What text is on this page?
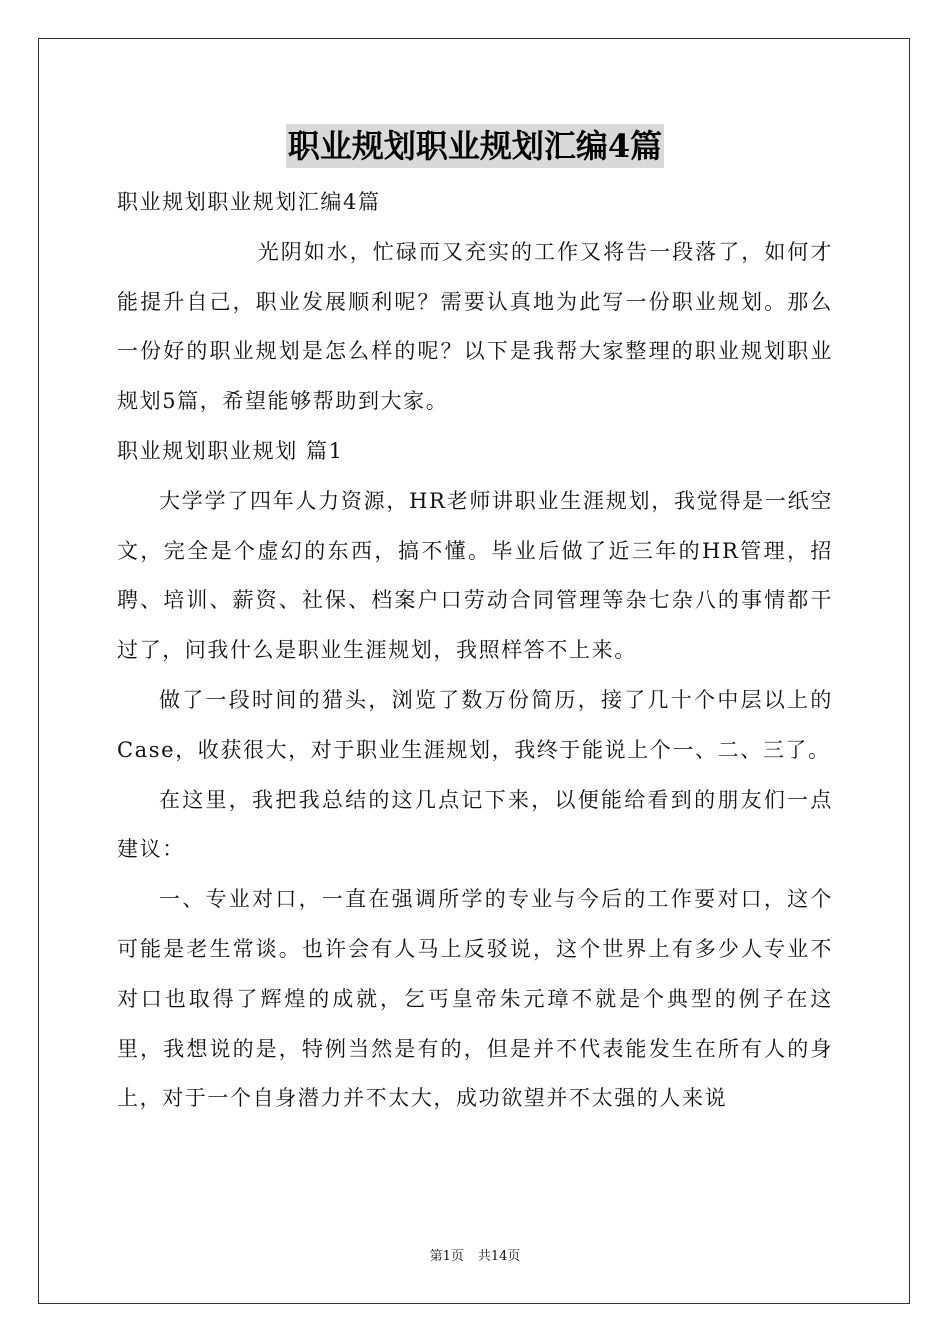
职业规划职业规划汇编4篇

职业规划职业规划汇编4篇

光阴如水，忙碌而又充实的工作又将告一段落了，如何才能提升自己，职业发展顺利呢？需要认真地为此写一份职业规划。那么一份好的职业规划是怎么样的呢？以下是我帮大家整理的职业规划职业规划5篇，希望能够帮助到大家。

职业规划职业规划 篇1

大学学了四年人力资源，HR老师讲职业生涯规划，我觉得是一纸空文，完全是个虚幻的东西，搞不懂。毕业后做了近三年的HR管理，招聘、培训、薪资、社保、档案户口劳动合同管理等杂七杂八的事情都干过了，问我什么是职业生涯规划，我照样答不上来。

做了一段时间的猎头，浏览了数万份简历，接了几十个中层以上的Case，收获很大，对于职业生涯规划，我终于能说上个一、二、三了。

在这里，我把我总结的这几点记下来，以便能给看到的朋友们一点建议：

一、专业对口，一直在强调所学的专业与今后的工作要对口，这个可能是老生常谈。也许会有人马上反驳说，这个世界上有多少人专业不对口也取得了辉煌的成就，乞丐皇帝朱元璋不就是个典型的例子在这里，我想说的是，特例当然是有的，但是并不代表能发生在所有人的身上，对于一个自身潜力并不太大，成功欲望并不太强的人来说

第1页 共14页
